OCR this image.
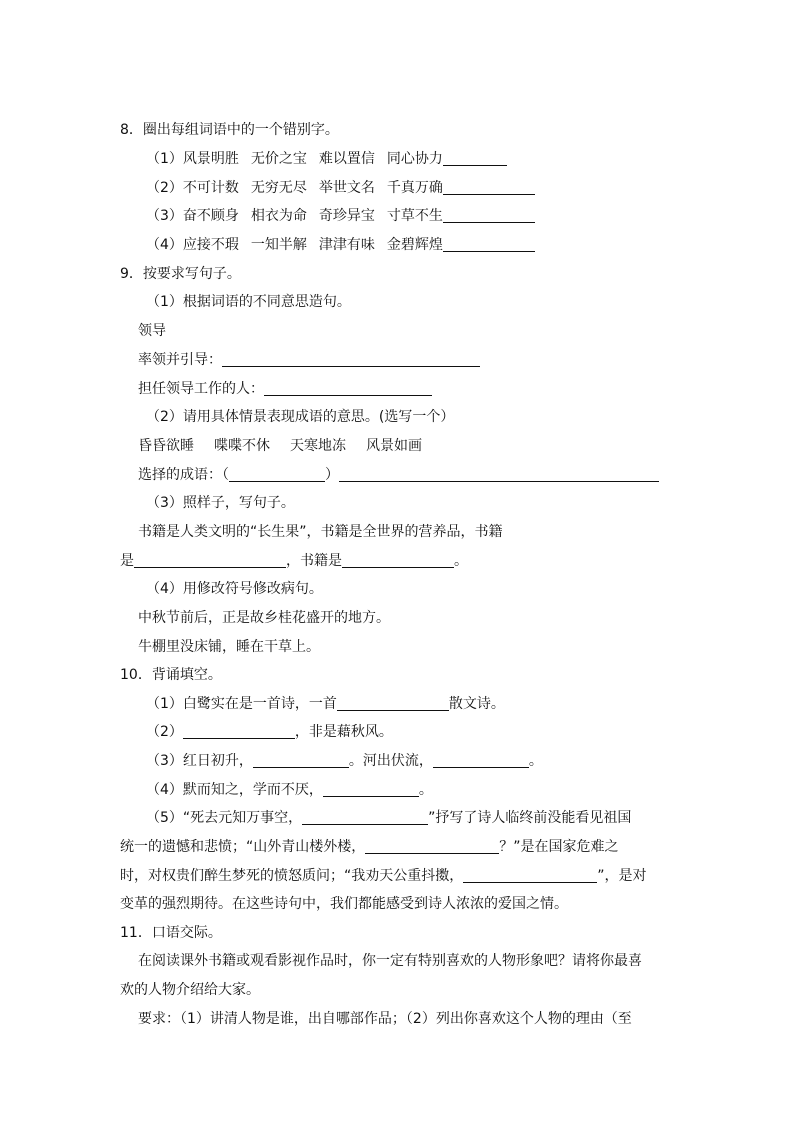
8．圈出每组词语中的一个错别字。
（1）风景明胜 无价之宝 难以置信 同心协力
（2）不可计数 无穷无尽 举世文名 千真万确
（3）奋不顾身 相衣为命 奇珍异宝 寸草不生
（4）应接不瑕 一知半解 津津有味 金碧辉煌
9．按要求写句子。
（1）根据词语的不同意思造句。
领导
率领并引导：
担任领导工作的人：
（2）请用具体情景表现成语的意思。(选写一个）
昏昏欲睡 喋喋不休 天寒地冻 风景如画
选择的成语：（	）
（3）照样子，写句子。
书籍是人类文明的“长生果”，书籍是全世界的营养品，书籍
是	，书籍是	。
（4）用修改符号修改病句。
中秋节前后，正是故乡桂花盛开的地方。
牛棚里没床铺，睡在干草上。
10．背诵填空。
（1）白鹭实在是一首诗，一首	散文诗。
（2）	，非是藉秋风。
（3）红日初升，	。河出伏流，	。
（4）默而知之，学而不厌，	。
（5）“死去元知万事空，	”抒写了诗人临终前没能看见祖国
统一的遗憾和悲愤；“山外青山楼外楼，	？”是在国家危难之
时，对权贵们醉生梦死的愤怒质问；“我劝天公重抖擞，	”，是对
变革的强烈期待。在这些诗句中，我们都能感受到诗人浓浓的爱国之情。
11．口语交际。
在阅读课外书籍或观看影视作品时，你一定有特别喜欢的人物形象吧？请将你最喜
欢的人物介绍给大家。
要求：（1）讲清人物是谁，出自哪部作品；（2）列出你喜欢这个人物的理由（至
